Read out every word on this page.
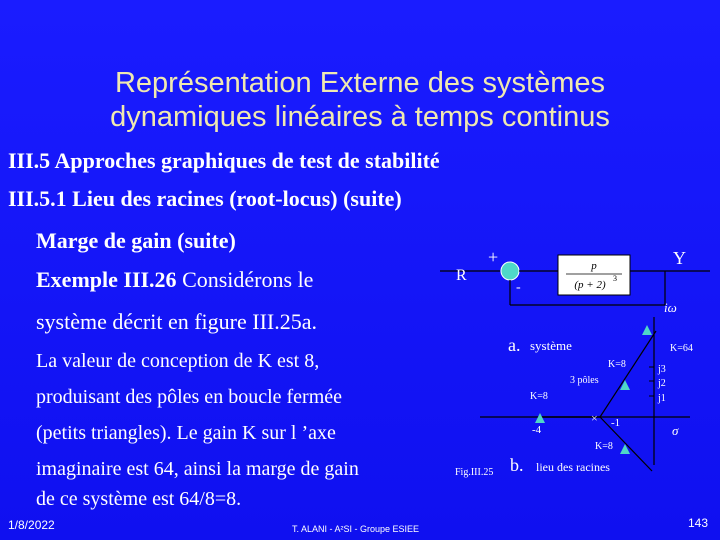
Représentation Externe des systèmes
dynamiques linéaires à temps continus
III.5 Approches graphiques de test de stabilité
III.5.1 Lieu des racines (root-locus) (suite)
Marge de gain (suite)
Exemple III.26 Considérons le
système décrit en figure III.25a.
La valeur de conception de K est 8,
produisant des pôles en boucle fermée
(petits triangles). Le gain K sur l ’axe
imaginaire est 64, ainsi la marge de gain
de ce système est 64/8=8.
p
(p + 2)
3
R
+
-
Y
a. système
iω
σ
j3
j2
j1
×
K=64
K=8
3 pôles
K=8
-4
-1
K=8
Fig.III.25 b. lieu des racines
1/8/2022	T. ALANI - A²SI - Groupe ESIEE	143
